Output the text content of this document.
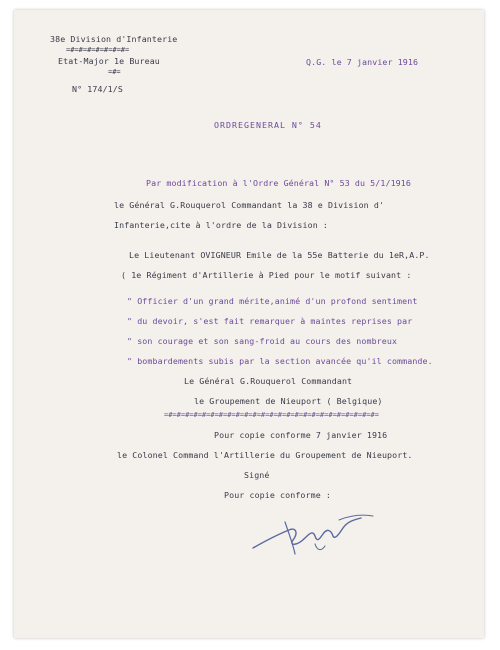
38e Division d'Infanterie
=#=#=#=#=#=#=#=
Etat-Major 1e Bureau
=#=
N° 174/1/S
Q.G. le 7 janvier 1916
ORDREGENERAL N° 54
Par modification à l'Ordre Général N° 53 du 5/1/1916
le Général G.Rouquerol Commandant la 38 e Division d'
Infanterie,cite à l'ordre de la Division :
Le Lieutenant OVIGNEUR Emile de la 55e Batterie du 1eR,A.P.
( 1e Régiment d'Artillerie à Pied pour le motif suivant :
" Officier d'un grand mérite,animé d'un profond sentiment
" du devoir, s'est fait remarquer à maintes reprises par
" son courage et son sang-froid au cours des nombreux
" bombardements subis par la section avancée qu'il commande.
Le Général G.Rouquerol Commandant
le Groupement de Nieuport ( Belgique)
=#=#=#=#=#=#=#=#=#=#=#=#=#=#=#=#=#=#=#=#=#=#=#=#=#=
Pour copie conforme 7 janvier 1916
le Colonel Command l'Artillerie du Groupement de Nieuport.
Signé
Pour copie conforme :
